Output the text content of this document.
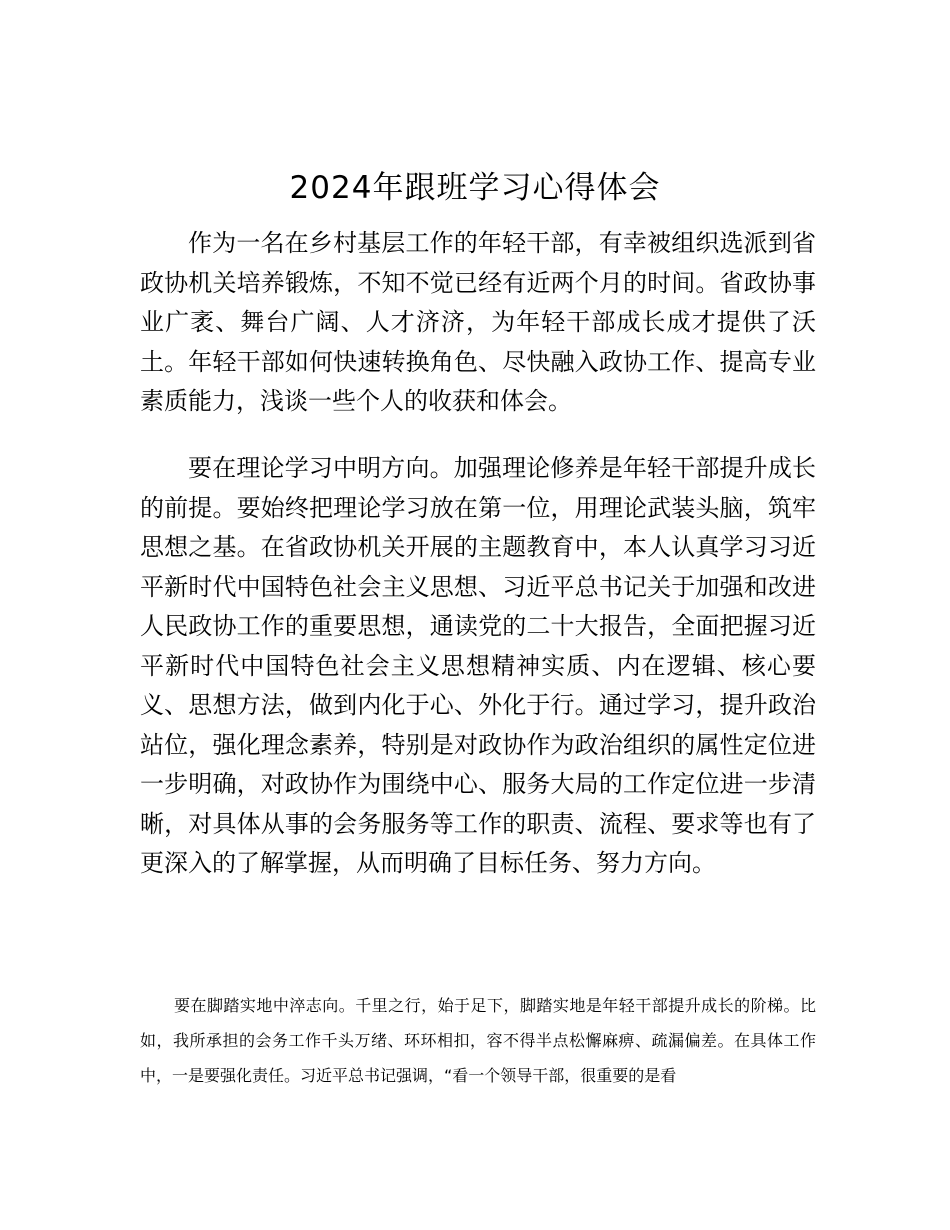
2024年跟班学习心得体会

作为一名在乡村基层工作的年轻干部，有幸被组织选派到省政协机关培养锻炼，不知不觉已经有近两个月的时间。省政协事业广袤、舞台广阔、人才济济，为年轻干部成长成才提供了沃土。年轻干部如何快速转换角色、尽快融入政协工作、提高专业素质能力，浅谈一些个人的收获和体会。

要在理论学习中明方向。加强理论修养是年轻干部提升成长的前提。要始终把理论学习放在第一位，用理论武装头脑，筑牢思想之基。在省政协机关开展的主题教育中，本人认真学习习近平新时代中国特色社会主义思想、习近平总书记关于加强和改进人民政协工作的重要思想，通读党的二十大报告，全面把握习近平新时代中国特色社会主义思想精神实质、内在逻辑、核心要义、思想方法，做到内化于心、外化于行。通过学习，提升政治站位，强化理念素养，特别是对政协作为政治组织的属性定位进一步明确，对政协作为围绕中心、服务大局的工作定位进一步清晰，对具体从事的会务服务等工作的职责、流程、要求等也有了更深入的了解掌握，从而明确了目标任务、努力方向。

要在脚踏实地中淬志向。千里之行，始于足下，脚踏实地是年轻干部提升成长的阶梯。比如，我所承担的会务工作千头万绪、环环相扣，容不得半点松懈麻痹、疏漏偏差。在具体工作中，一是要强化责任。习近平总书记强调，“看一个领导干部，很重要的是看
